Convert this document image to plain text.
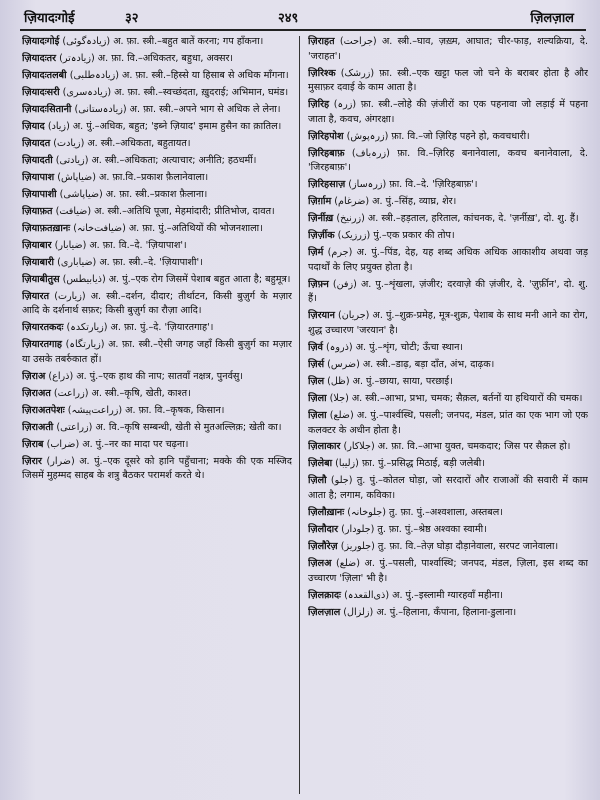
ज़ियादःगोई	३२	२४९	ज़िलज़ाल

ज़ियादःगोई (زیادہ‌گوئی) अ. फ़ा. स्त्री.–बहुत बातें करना; गप हाँकना।

ज़ियादःतर (زیادہ‌تر) अ. फ़ा. वि.–अधिकतर, बहुधा, अक्सर।

ज़ियादःतलबी (زیادہ‌طلبی) अ. फ़ा. स्त्री.–हिस्से या हिसाब से अधिक माँगना।

ज़ियादःसरी (زیادہ‌سری) अ. फ़ा. स्त्री.–स्वच्छंदता, ख़ुदराई; अभिमान, घमंड।

ज़ियादःसितानी (زیادہ‌ستانی) अ. फ़ा. स्त्री.–अपने भाग से अधिक ले लेना।

ज़ियाद (زیاد) अ. पुं.–अधिक, बहुत; 'इब्ने ज़ियाद' इमाम हुसैन का क़ातिल।

ज़ियादत (زیادت) अ. स्त्री.–अधिकता, बहुतायत।

ज़ियादती (زیادتی) अ. स्त्री.–अधिकता; अत्याचार; अनीति; हठधर्मी।

ज़ियापाश (ضیاپاش) अ. फ़ा.वि.–प्रकाश फ़ैलानेवाला।

ज़ियापाशी (ضیاپاشی) अ. फ़ा. स्त्री.–प्रकाश फ़ैलाना।

ज़ियाफ़त (ضیافت) अ. स्त्री.–अतिथि पूजा, मेहमांदारी; प्रीतिभोज, दावत।

ज़ियाफ़तख़ानः (ضیافت‌خانہ) अ. फ़ा. पुं.–अतिथियों की भोजनशाला।

ज़ियाबार (ضیابار) अ. फ़ा. वि.–दे. 'ज़ियापाश'।

ज़ियाबारी (ضیاباری) अ. फ़ा. स्त्री.–दे. 'ज़ियापाशी'।

ज़ियाबीतुस (ذیابیطس) अ. पुं.–एक रोग जिसमें पेशाब बहुत आता है; बहुमूत्र।

ज़ियारत (زیارت) अ. स्त्री.–दर्शन, दीदार; तीर्थाटन, किसी बुज़ुर्ग के मज़ार आदि के दर्शनार्थ सफ़र; किसी बुज़ुर्ग का रौज़ा आदि।

ज़ियारतकदः (زیارتکدہ) अ. फ़ा. पुं.–दे. 'ज़ियारतगाह'।

ज़ियारतगाह (زیارتگاہ) अ. फ़ा. स्त्री.–ऐसी जगह जहाँ किसी बुज़ुर्ग का मज़ार या उसके तबर्रुकात हों।

ज़िराअ (ذراع) अ. पुं.–एक हाथ की नाप; सातवाँ नक्षत्र, पुनर्वसु।

ज़िराअत (زراعت) अ. स्त्री.–कृषि, खेती, काश्त।

ज़िराअतपेशः (زراعت‌پیشہ) अ. फ़ा. वि.–कृषक, किसान।

ज़िराअती (زراعتی) अ. वि.–कृषि सम्बन्धी, खेती से मुतअल्लिक़; खेती का।

ज़िराब (ضراب) अ. पुं.–नर का मादा पर चढ़ना।

ज़िरार (ضرار) अ. पुं.–एक दूसरे को हानि पहुँचाना; मक्के की एक मस्जिद जिसमें मुहम्मद साहब के शत्रु बैठकर परामर्श करते थे।

ज़िराहत (جراحت) अ. स्त्री.–घाव, ज़ख़्म, आघात; चीर-फाड़, शल्यक्रिया, दे. 'जराहत'।

ज़िरिश्क (زرشک) फ़ा. स्त्री.–एक खट्टा फल जो चने के बराबर होता है और मुसाफ़र दवाई के काम आता है।

ज़िरिह (زرہ) फ़ा. स्त्री.–लोहे की ज़ंजीरों का एक पहनावा जो लड़ाई में पहना जाता है, कवच, अंगरक्षा।

ज़िरिहपोश (زرہ‌پوش) फ़ा. वि.–जो ज़िरिह पहने हो, कवचधारी।

ज़िरिहबाफ़ (زرہ‌باف) फ़ा. वि.–ज़िरिह बनानेवाला, कवच बनानेवाला, दे. 'जिरहबाफ़'।

ज़िरिहसाज़ (زرہ‌ساز) फ़ा. वि.–दे. 'ज़िरिहबाफ़'।

ज़िर्ग़ाम (ضرغام) अ. पुं.–सिंह, व्याघ्र, शेर।

ज़िर्नीख़ (زرنیخ) अ. स्त्री.–हड़ताल, हरिताल, कांचनक, दे. 'ज़र्नीख़', दो. शु. हैं।

ज़िर्ज़ीक (زرزیک) पुं.–एक प्रकार की तोप।

ज़िर्म (جرم) अ. पुं.–पिंड, देह, यह शब्द अधिक अधिक आकाशीय अथवा जड़ पदार्थों के लिए प्रयुक्त होता है।

ज़िफ़्न (زفن) अ. पु.–शृंखला, ज़ंजीर; दरवाज़े की ज़ंजीर, दे. 'ज़ुर्फ़ीन', दो. शु. हैं।

ज़िरयान (جریان) अ. पुं.–शुक्र-प्रमेह, मूत्र-शुक्र, पेशाब के साथ मनी आने का रोग, शुद्ध उच्चारण 'जरयान' है।

ज़िर्व (ذروہ) अ. पुं.–शृंग, चोटी; ऊँचा स्थान।

ज़िर्स (ضرس) अ. स्त्री.–डाढ़, बड़ा दाँत, अंभ, दाढ़क।

ज़िल (ظل) अ. पुं.–छाया, साया, परछाई।

ज़िला (جلا) अ. स्त्री.–आभा, प्रभा, चमक; सैक़ल, बर्तनों या हथियारों की चमक।

ज़िला (ضلع) अ. पुं.–पार्श्वस्थि, पसली; जनपद, मंडल, प्रांत का एक भाग जो एक कलक्टर के अधीन होता है।

ज़िलाकार (جلاکار) अ. फ़ा. वि.–आभा युक्त, चमकदार; जिस पर सैक़ल हो।

ज़िलेबा (زلیبا) फ़ा. पुं.–प्रसिद्ध मिठाई, बड़ी जलेबी।

ज़िलौ (جلو) तु. पुं.–कोतल घोड़ा, जो सरदारों और राजाओं की सवारी में काम आता है; लगाम, कविका।

ज़िलौख़ानः (جلوخانہ) तु. फ़ा. पुं.–अश्वशाला, अस्तबल।

ज़िलौदार (جلودار) तु. फ़ा. पुं.–श्रेष्ठ अश्वका स्वामी।

ज़िलौरेज़ (جلوریز) तु. फ़ा. वि.–तेज़ घोड़ा दौड़ानेवाला, सरपट जानेवाला।

ज़िलअ (ضلع) अ. पुं.–पसली, पार्श्वास्थि; जनपद, मंडल, ज़िला, इस शब्द का उच्चारण 'ज़िला' भी है।

ज़िलक़ादः (ذی‌القعدہ) अ. पुं.–इस्लामी ग्यारहवाँ महीना।

ज़िलज़ाल (زلزال) अ. पुं.–हिलाना, कँपाना, हिलाना-डुलाना।
